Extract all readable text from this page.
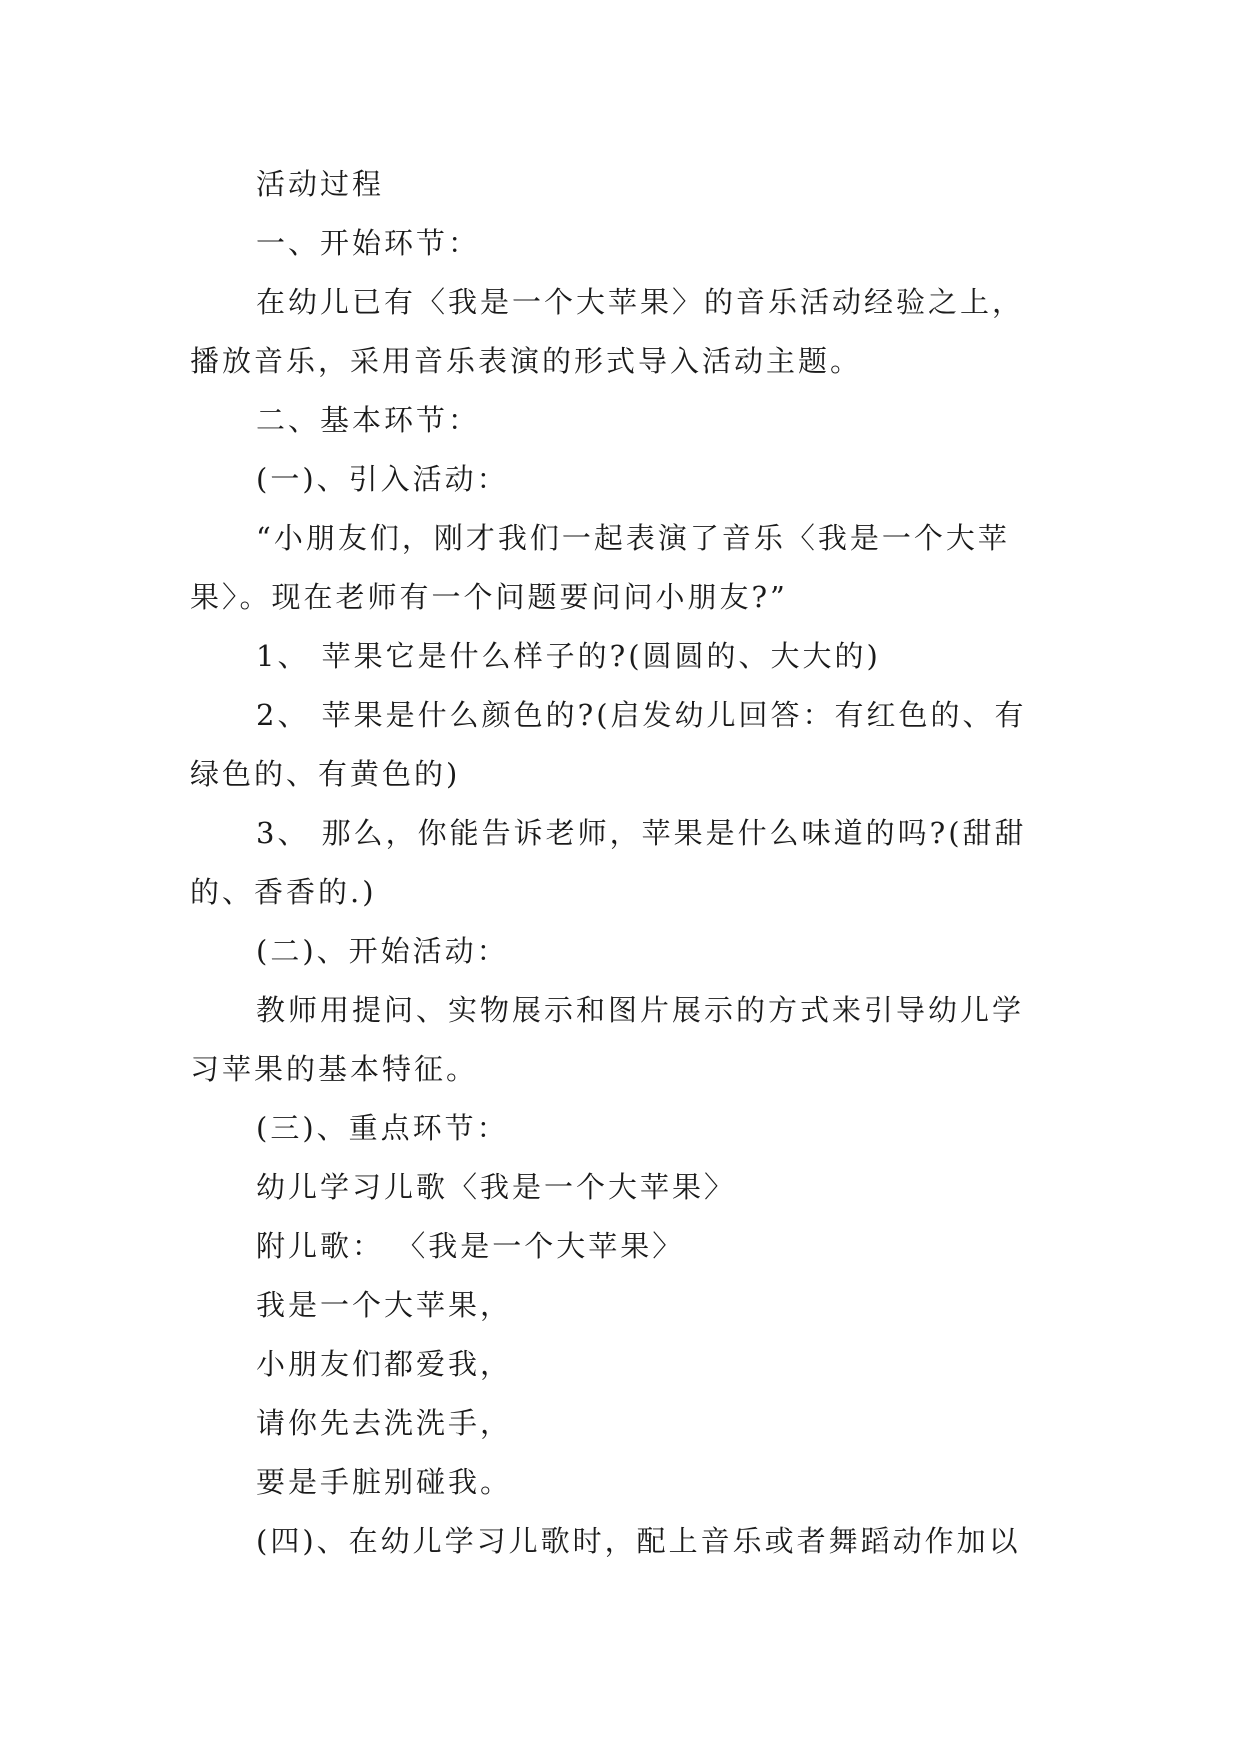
活动过程
一、开始环节：
在幼儿已有〈我是一个大苹果〉的音乐活动经验之上，
播放音乐，采用音乐表演的形式导入活动主题。
二、基本环节：
(一)、引入活动：
“小朋友们，刚才我们一起表演了音乐〈我是一个大苹
果〉。现在老师有一个问题要问问小朋友?”
1、 苹果它是什么样子的?(圆圆的、大大的)
2、 苹果是什么颜色的?(启发幼儿回答：有红色的、有
绿色的、有黄色的)
3、 那么，你能告诉老师，苹果是什么味道的吗?(甜甜
的、香香的.)
(二)、开始活动：
教师用提问、实物展示和图片展示的方式来引导幼儿学
习苹果的基本特征。
(三)、重点环节：
幼儿学习儿歌〈我是一个大苹果〉
附儿歌： 〈我是一个大苹果〉
我是一个大苹果，
小朋友们都爱我，
请你先去洗洗手，
要是手脏别碰我。
(四)、在幼儿学习儿歌时，配上音乐或者舞蹈动作加以
